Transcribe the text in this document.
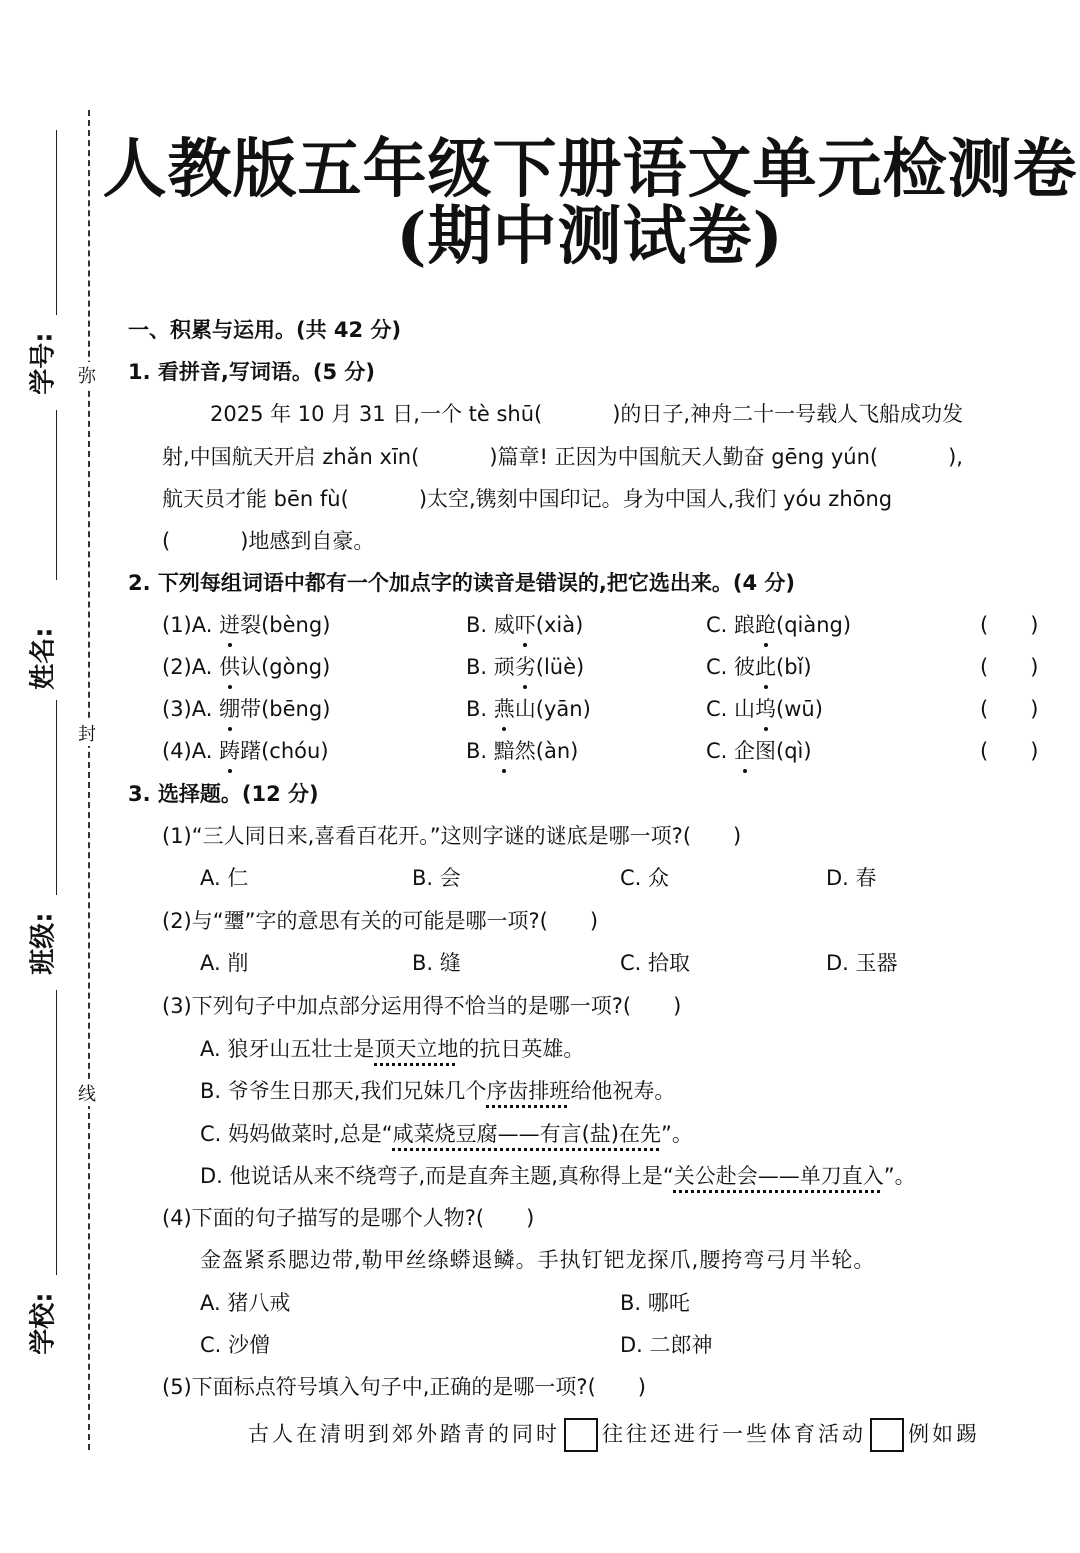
学号:
姓名:
班级:
学校:
弥
封
线
人教版五年级下册语文单元检测卷
(期中测试卷)
一、积累与运用。(共 42 分)
1. 看拼音,写词语。(5 分)
2025 年 10 月 31 日,一个 tè shū(	)的日子,神舟二十一号载人飞船成功发
射,中国航天开启 zhǎn xīn(	)篇章! 正因为中国航天人勤奋 gēng yún(	),
航天员才能 bēn fù(	)太空,镌刻中国印记。身为中国人,我们 yóu zhōng
(	)地感到自豪。
2. 下列每组词语中都有一个加点字的读音是错误的,把它选出来。(4 分)
(1)A. 迸裂(bèng)	B. 威吓(xià)	C. 踉跄(qiàng)	(　　)
(2)A. 供认(gòng)	B. 顽劣(lüè)	C. 彼此(bǐ)	(　　)
(3)A. 绷带(bēng)	B. 燕山(yān)	C. 山坞(wū)	(　　)
(4)A. 踌躇(chóu)	B. 黯然(àn)	C. 企图(qì)	(　　)
3. 选择题。(12 分)
(1)“三人同日来,喜看百花开。”这则字谜的谜底是哪一项?(　　)
A. 仁	B. 会	C. 众	D. 春
(2)与“瓕”字的意思有关的可能是哪一项?(　　)
A. 削	B. 缝	C. 拾取	D. 玉器
(3)下列句子中加点部分运用得不恰当的是哪一项?(　　)
A. 狼牙山五壮士是顶天立地的抗日英雄。
B. 爷爷生日那天,我们兄妹几个序齿排班给他祝寿。
C. 妈妈做菜时,总是“咸菜烧豆腐——有言(盐)在先”。
D. 他说话从来不绕弯子,而是直奔主题,真称得上是“关公赴会——单刀直入”。
(4)下面的句子描写的是哪个人物?(　　)
金盔紧系腮边带,勒甲丝绦蟒退鳞。手执钉钯龙探爪,腰挎弯弓月半轮。
A. 猪八戒	B. 哪吒
C. 沙僧	D. 二郎神
(5)下面标点符号填入句子中,正确的是哪一项?(　　)
古人在清明到郊外踏青的同时 往往还进行一些体育活动 例如踢
